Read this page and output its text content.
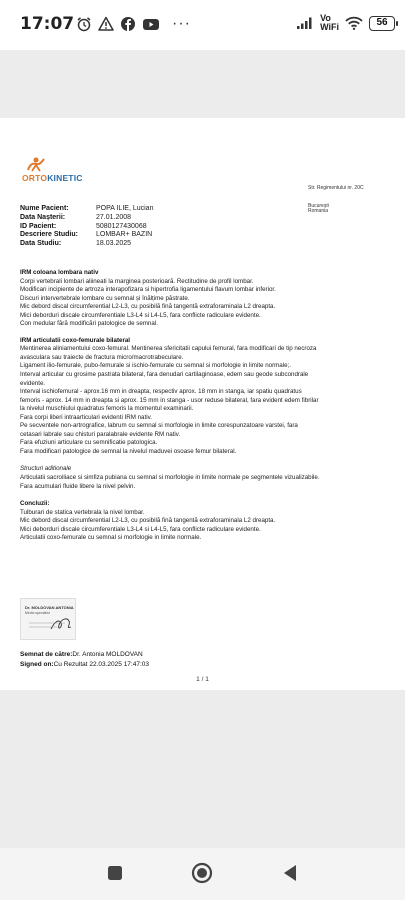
17:07	···	Vo
WiFi	56
ORTOKINETIC
Str. Regimentului nr. 20C
București
Romania
Nume Pacient:	POPA ILIE, Lucian
Data Nașterii:	27.01.2008
ID Pacient:	5080127430068
Descriere Studiu:	LOMBAR+ BAZIN
Data Studiu:	18.03.2025
IRM coloana lombara nativ
Corpi vertebrali lombari aliineati la marginea posterioară. Rectitudine de profil lombar.
Modificari incipiente de artroza interapofizara si hipertrofia ligamentului flavum lombar inferior.
Discuri intervertebrale lombare cu semnal și înălțime păstrate.
Mic debord discal circumferential L2-L3, cu posibilă fină tangentă extraforaminala L2 dreapta.
Mici deborduri discale circumferentiale L3-L4 si L4-L5, fara conflicte radiculare evidente.
Con medular fără modificări patologice de semnal.
IRM articulatii coxo-femurale bilateral
Mentinerea aliniamentului coxo-femural. Mentinerea sfericitatii capului femural, fara modificari de tip necroza
avasculara sau traiecte de fractura micro/macrotrabeculare.
Ligament ilio-femurale, pubo-femurale si ischio-femurale cu semnal si morfologie in limite normale;.
Interval articular cu grosime pastrata bilateral, fara denudari cartilaginoase, edem sau geode subcondrale
evidente.
Interval ischiofemural - aprox.16 mm in dreapta, respectiv aprox. 18 mm in stanga, iar spatiu quadratus
femoris - aprox. 14 mm in dreapta si aprox. 15 mm in stanga - usor reduse bilateral, fara evident edem fibrilar
la nivelul muschiului quadratus femoris la momentul examinarii.
Fara corpi liberi intraarticulari evidenti IRM nativ.
Pe secventele non-artrografice, labrum cu semnal si morfologie in limite corespunzatoare varstei, fara
cetasari labrale sau chisturi paralabrale evidente RM nativ.
Fara efuziuni articulare cu semnificatie patologica.
Fara modificari patologice de semnal la nivelul maduvei osoase femur bilateral.
Structuri aditionale
Articulatii sacroiliace si simfiza pubiana cu semnal si morfologie in limite normale pe segmentele vizualizabile.
Fara acumulari fluide libere la nivel pelvin.
Concluzii:
Tulburari de statica vertebrala la nivel lombar.
Mic debord discal circumferential L2-L3, cu posibilă fină tangentă extraforaminala L2 dreapta.
Mici deborduri discale circumferentiale L3-L4 si L4-L5, fara conflicte radiculare evidente.
Articulatii coxo-femurale cu semnal si morfologie in limite normale.
Dr. MOLDOVAN ANTONIA
Medic specialist
Semnat de către:Dr. Antonia MOLDOVAN
Signed on:Cu Rezultat 22.03.2025 17:47:03
1 / 1
